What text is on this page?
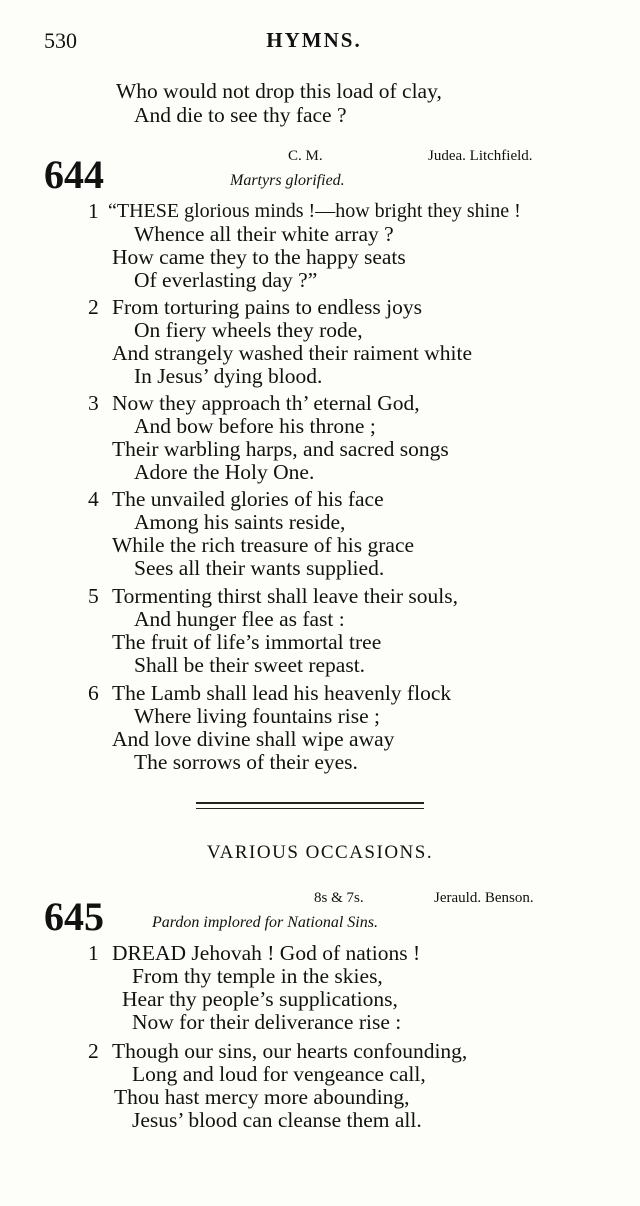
530	HYMNS.
Who would not drop this load of clay,
And die to see thy face ?
644	C. M.	Judea. Litchfield.
Martyrs glorified.
1 “THESE glorious minds !—how bright they shine !
Whence all their white array ?
How came they to the happy seats
Of everlasting day ?”
2 From torturing pains to endless joys
On fiery wheels they rode,
And strangely washed their raiment white
In Jesus’ dying blood.
3 Now they approach th’ eternal God,
And bow before his throne ;
Their warbling harps, and sacred songs
Adore the Holy One.
4 The unvailed glories of his face
Among his saints reside,
While the rich treasure of his grace
Sees all their wants supplied.
5 Tormenting thirst shall leave their souls,
And hunger flee as fast :
The fruit of life’s immortal tree
Shall be their sweet repast.
6 The Lamb shall lead his heavenly flock
Where living fountains rise ;
And love divine shall wipe away
The sorrows of their eyes.
VARIOUS OCCASIONS.
645	8s & 7s.	Jerauld. Benson.
Pardon implored for National Sins.
1 DREAD Jehovah ! God of nations !
From thy temple in the skies,
Hear thy people’s supplications,
Now for their deliverance rise :
2 Though our sins, our hearts confounding,
Long and loud for vengeance call,
Thou hast mercy more abounding,
Jesus’ blood can cleanse them all.
